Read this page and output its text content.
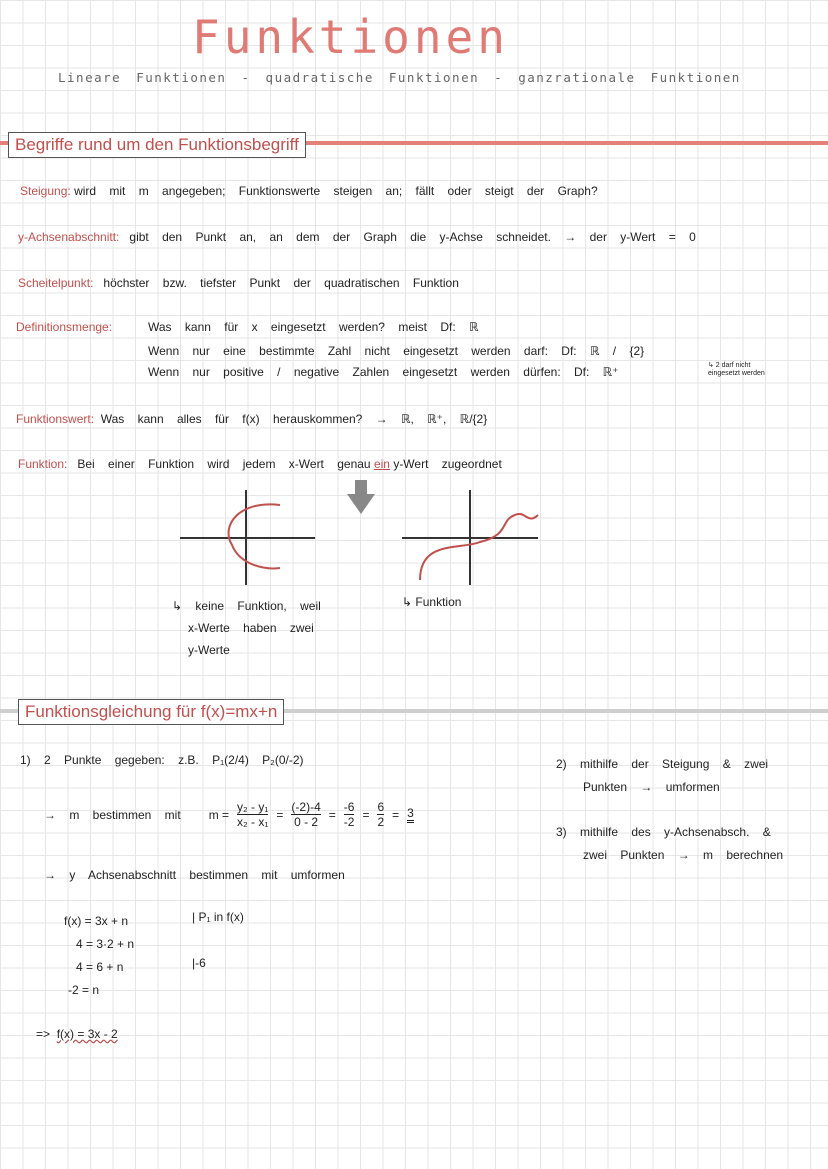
Funktionen
Lineare Funktionen - quadratische Funktionen - ganzrationale Funktionen
Begriffe rund um den Funktionsbegriff
Steigung: wird mit m angegeben; Funktionswerte steigen an; fällt oder steigt der Graph?
y-Achsenabschnitt: gibt den Punkt an, an dem der Graph die y-Achse schneidet. → der y-Wert = 0
Scheitelpunkt: höchster bzw. tiefster Punkt der quadratischen Funktion
Definitionsmenge:	Was kann für x eingesetzt werden? meist Df: ℝ
Wenn nur eine bestimmte Zahl nicht eingesetzt werden darf: Df: ℝ / {2}
Wenn nur positive / negative Zahlen eingesetzt werden dürfen: Df: ℝ⁺	↳ 2 darf nicht
eingesetzt werden
Funktionswert: Was kann alles für f(x) herauskommen? → ℝ, ℝ⁺, ℝ/{2}
Funktion: Bei einer Funktion wird jedem x-Wert genau ein y-Wert zugeordnet
↳ keine Funktion, weil
x-Werte haben zwei
y-Werte
↳ Funktion
Funktionsgleichung für f(x)=mx+n
1) 2 Punkte gegeben: z.B. P₁(2/4) P₂(0/-2)
→ m bestimmen mit $m = \frac{\text{y₂ - y₁}}{\text{x₂ - x₁}} = \frac{(-2)-4}{0 - 2} = \frac{-6}{-2} = \frac{6}{2} = 3$
→ y Achsenabschnitt bestimmen mit umformen
f(x) = 3x + n
4 = 3·2 + n
4 = 6 + n
-2 = n
| P₁ in f(x)
|-6
=> f(x) = 3x - 2
2) mithilfe der Steigung & zwei
Punkten → umformen
3) mithilfe des y-Achsenabsch. &
zwei Punkten → m berechnen
